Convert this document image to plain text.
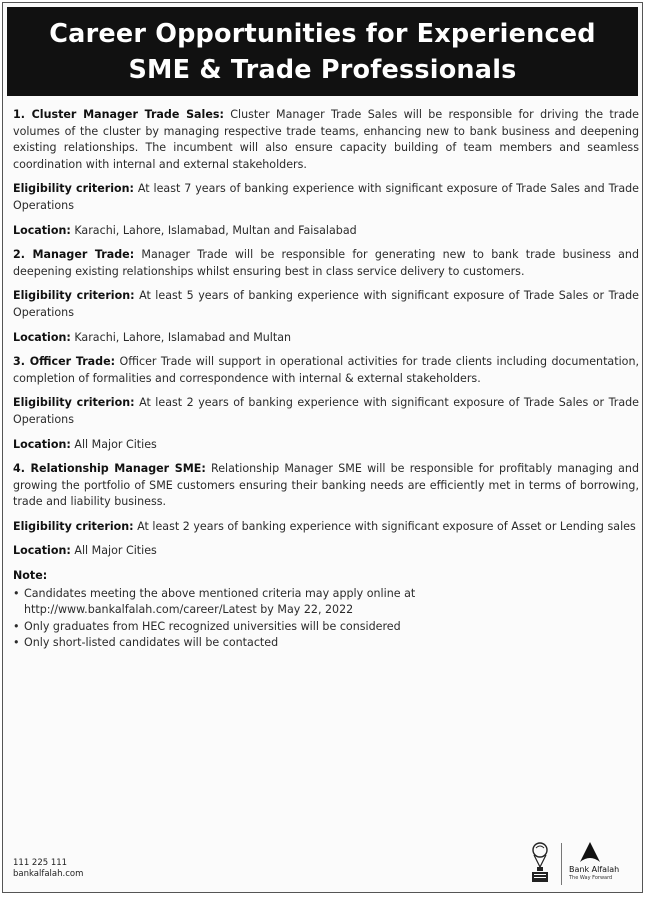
Career Opportunities for Experienced
SME & Trade Professionals

1. Cluster Manager Trade Sales: Cluster Manager Trade Sales will be responsible for driving the trade volumes of the cluster by managing respective trade teams, enhancing new to bank business and deepening existing relationships. The incumbent will also ensure capacity building of team members and seamless coordination with internal and external stakeholders.

Eligibility criterion: At least 7 years of banking experience with significant exposure of Trade Sales and Trade Operations

Location: Karachi, Lahore, Islamabad, Multan and Faisalabad

2. Manager Trade: Manager Trade will be responsible for generating new to bank trade business and deepening existing relationships whilst ensuring best in class service delivery to customers.

Eligibility criterion: At least 5 years of banking experience with significant exposure of Trade Sales or Trade Operations

Location: Karachi, Lahore, Islamabad and Multan

3. Officer Trade: Officer Trade will support in operational activities for trade clients including documentation, completion of formalities and correspondence with internal & external stakeholders.

Eligibility criterion: At least 2 years of banking experience with significant exposure of Trade Sales or Trade Operations

Location: All Major Cities

4. Relationship Manager SME: Relationship Manager SME will be responsible for profitably managing and growing the portfolio of SME customers ensuring their banking needs are efficiently met in terms of borrowing, trade and liability business.

Eligibility criterion: At least 2 years of banking experience with significant exposure of Asset or Lending sales

Location: All Major Cities

Note:
• Candidates meeting the above mentioned criteria may apply online at
http://www.bankalfalah.com/career/Latest by May 22, 2022
• Only graduates from HEC recognized universities will be considered
• Only short-listed candidates will be contacted
111 225 111
bankalfalah.com	Bank Alfalah
The Way Forward
